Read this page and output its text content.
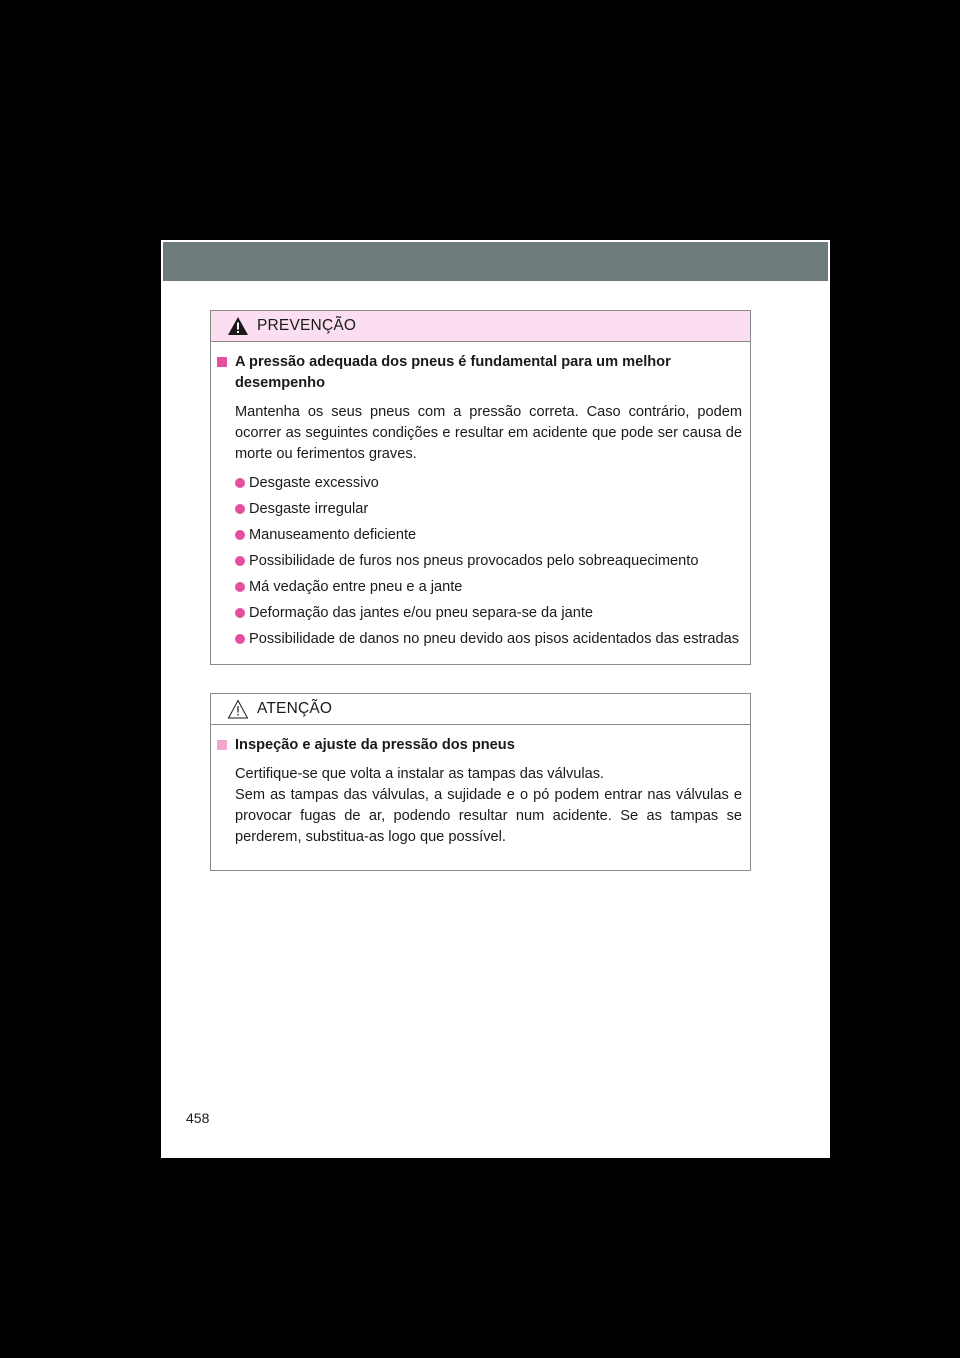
PREVENÇÃO
A pressão adequada dos pneus é fundamental para um melhor desempenho
Mantenha os seus pneus com a pressão correta. Caso contrário, podem ocorrer as seguintes condições e resultar em acidente que pode ser causa de morte ou ferimentos graves.
Desgaste excessivo
Desgaste irregular
Manuseamento deficiente
Possibilidade de furos nos pneus provocados pelo sobreaquecimento
Má vedação entre pneu e a jante
Deformação das jantes e/ou pneu separa-se da jante
Possibilidade de danos no pneu devido aos pisos acidentados das estradas
ATENÇÃO
Inspeção e ajuste da pressão dos pneus
Certifique-se que volta a instalar as tampas das válvulas.
Sem as tampas das válvulas, a sujidade e o pó podem entrar nas válvulas e provocar fugas de ar, podendo resultar num acidente. Se as tampas se perderem, substitua-as logo que possível.
458
